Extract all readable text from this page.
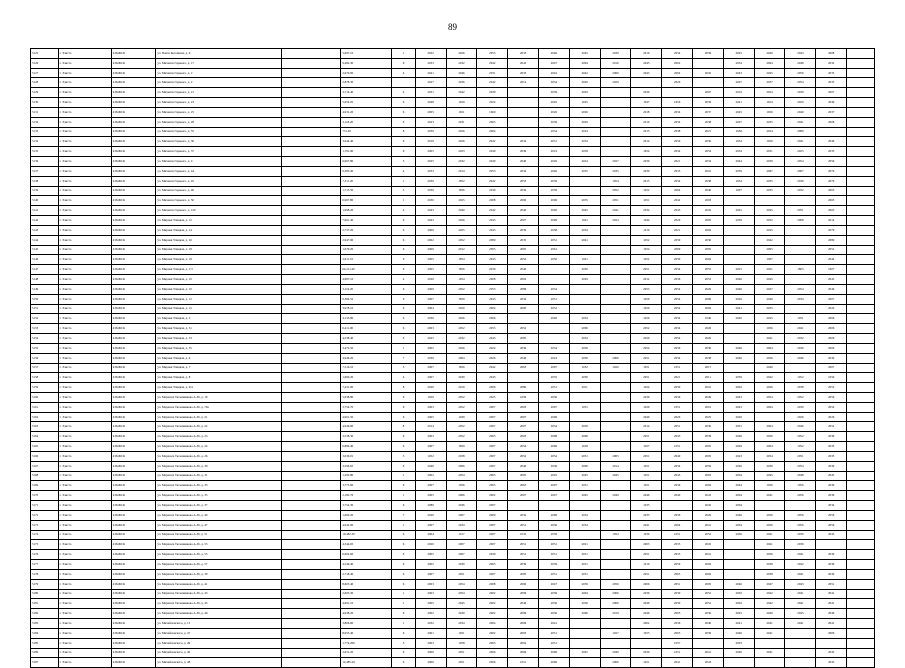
89
5125	г. Элиста	436/ЖСК	ул. Павла Котенкова, д. 6		5,697.10	1	2022	2026	2053	2033	2046	2045	2039	2019	2034	2039	2045	2040	2043	2008	
5126	г. Элиста	436/ЖСК	ул. Михаила Горького, д. 17		9,482.30	6	2033	2032	2042	2043	2047	2094	2016	2045	2002		2054	2094	2048	2032	
5127	г. Элиста	436/ЖСК	ул. Михаила Горького, д. 2		2,679.00	4	2041	2046	2031	2033	2042	2042	2060	2043	2004	2045	2043	2045	2056	2035	
5128	г. Элиста	436/ЖСК	ул. Михаила Горького, д. 2		2,878.30		2027	2036	2042	2014	2034	2020	2029		2026		2007	2037	2054	2035	
5129	г. Элиста	436/ЖСК	ул. Михаила Горького, д. 21		3,714.40	4	2031	2042	2039		2039	2029		2036		2007	2019	2054	2039	2007	
5130	г. Элиста	436/ЖСК	ул. Михаила Горького, д. 23		5,654.05	6	2048	1659	2024		2045	1625		1047	1656	2039	2041	1654	2020	2049	
5131	г. Элиста	436/ЖСК	ул. Михаила Горького, д. 25		4,931.20	6	2005	1651	1660		2026	2026		2018	2034	2037	2045	1656	2040	2037	
5132	г. Элиста	436/ЖСК	ул. Михаила Горького, д. 28		3,118.20	6	2023	2031	2005		2039	2029		2019	2034	2038	2007	2035	2041	2008	
5133	г. Элиста	436/ЖСК	ул. Михаила Горького, д. 35		731.20	8	2039	2026	2004		2034	2024		2015	2038	2021	1656	2024	2089		
5134	г. Элиста	436/ЖСК	ул. Михаила Горького, д. 36		3,644.40	6	2019	2026	2042	2034	2031	2034		2014	2056	2036	1654	1656	2041	2046	
5135	г. Элиста	436/ЖСК	ул. Михаила Горького, д. 37		1,791.90	6	2005	2023	2040	2039	2019	2039		1654	2034	2054	2034	2031	2025	2035	
5136	г. Элиста	436/ЖСК	ул. Михаила Горького, д. 4		6,967.80	5	2025	2032	2040	2040	2026	2024	2027	2039	2021	2034	2044	2039	2054	2056	
5137	г. Элиста	436/ЖСК	ул. Михаила Горького, д. 44		6,383.40	4	2033	2014	2053	2034	2046	2035	2035	2030	2035	2041	2039	2067	2007	2079	
5138	г. Элиста	436/ЖСК	ул. Михаила Горького, д. 45		7,311.20	1	2039	1852	2042	2053	2039		1954	2015	2034	2038	1654	2035	2039	2079	
5139	г. Элиста	436/ЖСК	ул. Михаила Горького, д. 46		1,713.50	5	2039	1856	2039	2036	2039		2952	1052	2004	2046	1007	2035	2032	2063	
5140	г. Элиста	436/ЖСК	ул. Михаила Горького, д. 50		6,967.80	1	2030	2025	2008	2006	2006	2035	2051	1051	2042	2003				2063	
5141	г. Элиста	436/ЖСК	ул. Михаила Горького, д. 120		1,998.20	4	2043	2040	2042	2040	2040	2045	2041	2034	2045	2045	2045	2045	2051	2063	
5142	г. Элиста	436/ЖСК	ул. Мирная Улицкая, д. 12		7,961.40	6	2043	2026	2043	2007	2009	1041	2024	1044	2026	2005	2039	2052	2008	2014	
5143	г. Элиста	436/ЖСК	ул. Мирная Улицкая, д. 14		2,737.20	6	2009	2025	2045	2039	2038	2034		1019	2021	2004		2025		2079	
5144	г. Элиста	436/ЖСК	ул. Мирная Улицкая, д. 16		2,947.90	6	2002	2052	2080	2035	2031	2041		1052	2039	2036		2042		2080	
5145	г. Элиста	436/ЖСК	ул. Мирная Улицкая, д. 18		1,679.20	6	2000	2012	2005	2005	2061			1054	2009	2005		2005		2052	
5146	г. Элиста	436/ЖСК	ул. Мирная Улицкая, д. 18		2,611.10	6	2005	1854	2043	2052	2056	1041		1052	2039	2004		1007		2044	
5147	г. Элиста	436/ЖСК	ул. Мирная Улицкая, д. 1/3		64,211.40	6	2005	1856	2039	2040		2056		2051	2034	2055	2025	2021	1805	1607	
5148	г. Элиста	436/ЖСК	ул. Мирная Улицкая, д. 10		4,987.10	4	2026	1054	2008	2002		2029		2012	2036	2053	2046	2045		2043	
5149	г. Элиста	436/ЖСК	ул. Мирная Улицкая, д. 10		3,119.20	6	2009	2052	2053	2086	2034			2053	2054	2026	2046	2027	2054	2046	
5150	г. Элиста	436/ЖСК	ул. Мирная Улицкая, д. 12		6,384.52	6	2007	1859	2043	2034	2051			1059	2054	2006	2026	2046	2034	2007	
5151	г. Элиста	436/ЖСК	ул. Мирная Улицкая, д. 15		3,978.10	6	2004	2020	2004	2000	2052			1059	2054	2004	2041	2035		2020	
5152	г. Элиста	436/ЖСК	ул. Мирная Улицкая, д. 5		4,133.80	6	2036	2026	2006		2046	2034		1056	2034	1046	2040	2025	1051	2006	
5153	г. Элиста	436/ЖСК	ул. Мирная Улицкая, д. 51		6,411.00	6	2003	2052	2053	2052		2006		2052	2034	2026		1056	2041	2006	
5154	г. Элиста	436/ЖСК	ул. Мирная Улицкая, д. 53		4,538.40	6	2025	2032	2043	2005		2034		2020	2054	2026		2041	2032	2006	
5155	г. Элиста	436/ЖСК	ул. Мирная Улицкая, д. 55		3,472.50	1	2005	2026	2024	2036	2034	2036		2054	2036	2036	2046	2004	2036	2006	
5156	г. Элиста	436/ЖСК	ул. Мирная Улицкая, д. 6		4,946.20	7	2039	2004	2026	2046	2024	2036	2006	2051	2034	2038	2046	2056	2046	2039	
5157	г. Элиста	436/ЖСК	ул. Мирная Улицкая, д. 7		7,516.10	5	2007	1856	2042	2063	2007	1052	1020	1051	1051	2017		2040		2007	
5158	г. Элиста	436/ЖСК	ул. Мирная Улицкая, д. 8		1,669.20	4	2007	2039	2043		2035	2036		2051	2021	2011	2039	2042	1052	1059	
5159	г. Элиста	436/ЖСК	ул. Мирная Улицкая, д. 9/4		7,431.00	8	2020	2019	2006	2080	2051	2011		1024	2039	2041	2002	2026	2038	2052	
5160	г. Элиста	436/ЖСК	ул. Маршала Тюленникова А-36, д. 19		5,638.80	6	1659	2052	2025	1659	2036			2039	2036	2049	2043	2054	2052	2056	
5161	г. Элиста	436/ЖСК	ул. Маршала Тюленникова А-36, д. 79a		3,754.70	6	2003	2052	2007	2003	2007	1051		1029	1051	2001	2043	2004	2039	2054	
5162	г. Элиста	436/ЖСК	ул. Маршала Тюленникова А-36, д. 21		4,961.50	6	2005	1039	2007	2007	2006			2049	2026	2025	2026		2026	2026	
5163	г. Элиста	436/ЖСК	ул. Маршала Тюленникова А-36, д. 22		4,946.00	8	2014	2052	2007	2007	2034	2030		2014	2051	2036	2001	2004	2046	2052	
5164	г. Элиста	436/ЖСК	ул. Маршала Тюленникова А-36, д. 23		3,538.30	6	2003	2052	2005	2003	2008	2006		2051	2043	2039	2046	2056	2052	2039	
5165	г. Элиста	436/ЖСК	ул. Маршала Тюленникова А-36, д. 24		6,880.40	6	2007	1859	2007	2054	2006	1659		1027	1051	2005	2049	2004	1052	2035	
5166	г. Элиста	436/ЖСК	ул. Маршала Тюленникова А-36, д. 26		3,036.01	5	1052	2038	2007	2052	2054	2051	2005	2051	2040	2005	2043	2054	2051	2035	
5167	г. Элиста	436/ЖСК	ул. Маршала Тюленникова А-36, д. 30		3,596.65	6	2046	2006	2007	2040	2036	2006	2014	1051	2034	2059	2046	2036	2054	2039	
5168	г. Элиста	436/ЖСК	ул. Маршала Тюленникова А-36, д. 31		1,292.80	1	2002	2054	2005	2005	2045	2045	2045	1051	2045	2003	2004	2045	2048	2043	
5169	г. Элиста	436/ЖСК	ул. Маршала Тюленникова А-36, д. 33		3,775.60	6	2007	1056	2005	2063	2007	2051		1051	2036	2004	2044	1056	1056	2039	
5170	г. Элиста	436/ЖСК	ул. Маршала Тюленникова А-36, д. 35		2,182.76	1	2005	2006	2002	2007	2047	2045	2049	2046	2040	2043	2004	2041	2056	2039	
5171	г. Элиста	436/ЖСК	ул. Маршала Тюленникова А-36, д. 37		3,754.30	6	2080	2036	2007					1035		2045	2004			2034	
5172	г. Элиста	436/ЖСК	ул. Маршала Тюленникова А-36, д. 40		1,669.20	7	2020	2007	2000	2032	2006	2034		2033	2036	2026	2046	2056	2056	2056	
5173	г. Элиста	436/ЖСК	ул. Маршала Тюленникова А-36, д. 47		4,942.00	1	2007	2034	2007	2051	2036	2054		2041	2004	2041	2004	2056	2056	2056	
5174	г. Элиста	436/ЖСК	ул. Маршала Тюленникова А-36, д. 51		19,482.30	6	2004	1017	2007	1035	2039		1054	1036	1051	2052	2036	2041	2039	2045	
5175	г. Элиста	436/ЖСК	ул. Маршала Тюленникова А-36, д. 53		4,344.65	6	2020	2007	2007	2051	2051	2021		2003	2033	2045		2041	2039		
5176	г. Элиста	436/ЖСК	ул. Маршала Тюленникова А-36, д. 55		6,602.60	6	2005	2007	2039	2051	2051	2051		2051	2035	2041		2056	2041	2039	
5177	г. Элиста	436/ЖСК	ул. Маршала Тюленникова А-36, д. 57		4,546.40	6	2005	2039	2005	2039	2039	2051		1019	2056	2004		2038	2042	2039	
5178	г. Элиста	436/ЖСК	ул. Маршала Тюленникова А-36, д. 39		2,718.40	6	2007	2051	2007	2005	2051	2051		2051	2005	2004		2038	2041	2039	
5179	г. Элиста	436/ЖСК	ул. Маршала Тюленникова А-36, д. 41		8,605.40	6	2003	2054	2008	2006	2047	2039	2056	2006	2051	2005	2046	2047	2043	2051	
5180	г. Элиста	436/ЖСК	ул. Маршала Тюленникова А-36, д. 43		2,603.30	1	2003	2054	2002	2006	2039	2004	2006	2036	2039	2052	2002	2042	2041	2041	
5181	г. Элиста	436/ЖСК	ул. Маршала Тюленникова А-36, д. 45		4,991.10	1	2005	2045	2002	2046	2036	2036	2006	2046	2039	2052	2002	2042	2041	2041	
5182	г. Элиста	436/ЖСК	ул. Маршала Тюленникова А-36, д. 49		4,938.20	6	2002	2039	2002	2006	2036	2006	2019	2046	2003	2036	2045	2040	2045	2046	
5183	г. Элиста	436/ЖСК	ул. Михайловского, д. 13		3,806.60	1	2032	2034	2004	2006	2041			2002	2036	2046	2041	2041	2041	2041	
5184	г. Элиста	436/ЖСК	ул. Михайловского, д. 47		8,653.40	6	2001	1051	2002	2003	2051		1027	1055	2005	2039	2046	2041		2006	
5185	г. Элиста	436/ЖСК	ул. Михайловского, д. 49		1,774,206	5	2003	1058	2003	2002	2051				1057		2003				
5186	г. Элиста	436/ЖСК	ул. Михайловского, д. 40		2,631.20	6	2006	2051	2006	2006	2006	2045	2040	2039	1051	2041	2040	2041		2043	
5187	г. Элиста	436/ЖСК	ул. Михайловского, д. 48		12,485.29	6	2006	2051	2006	1051	2006		2006	1051	2041	2043				2043	
